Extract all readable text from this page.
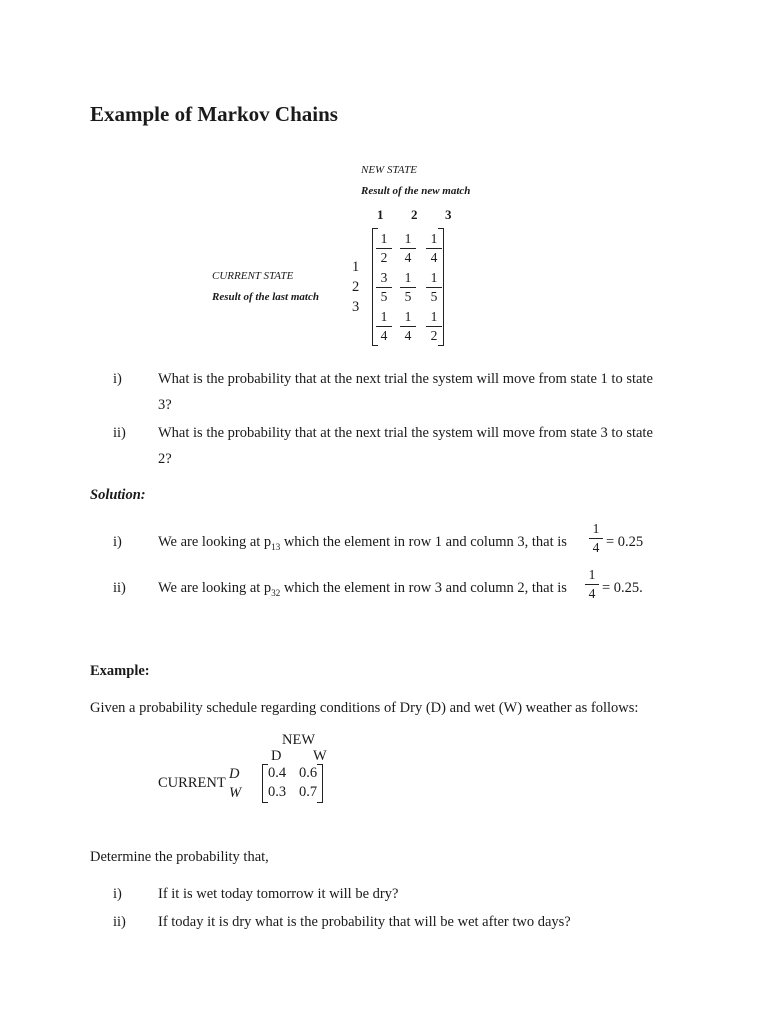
Example of Markov Chains
NEW STATE
Result of the new match
1 2 3
CURRENT STATE
Result of the last match
1
2
3
1
2
1
4
1
4
3
5
1
5
1
5
1
4
1
4
1
2
i) What is the probability that at the next trial the system will move from state 1 to state
3?
ii) What is the probability that at the next trial the system will move from state 3 to state
2?
Solution:
i) We are looking at $p_{13}$ which the element in row 1 and column 3, that is
1
4 = 0.25
ii) We are looking at $p_{32}$ which the element in row 3 and column 2, that is
1
4 = 0.25.
Example:
Given a probability schedule regarding conditions of Dry (D) and wet (W) weather as follows:
NEW
D W
CURRENT
D
W
0.4 0.6
0.3 0.7
Determine the probability that,
i) If it is wet today tomorrow it will be dry?
ii) If today it is dry what is the probability that will be wet after two days?
